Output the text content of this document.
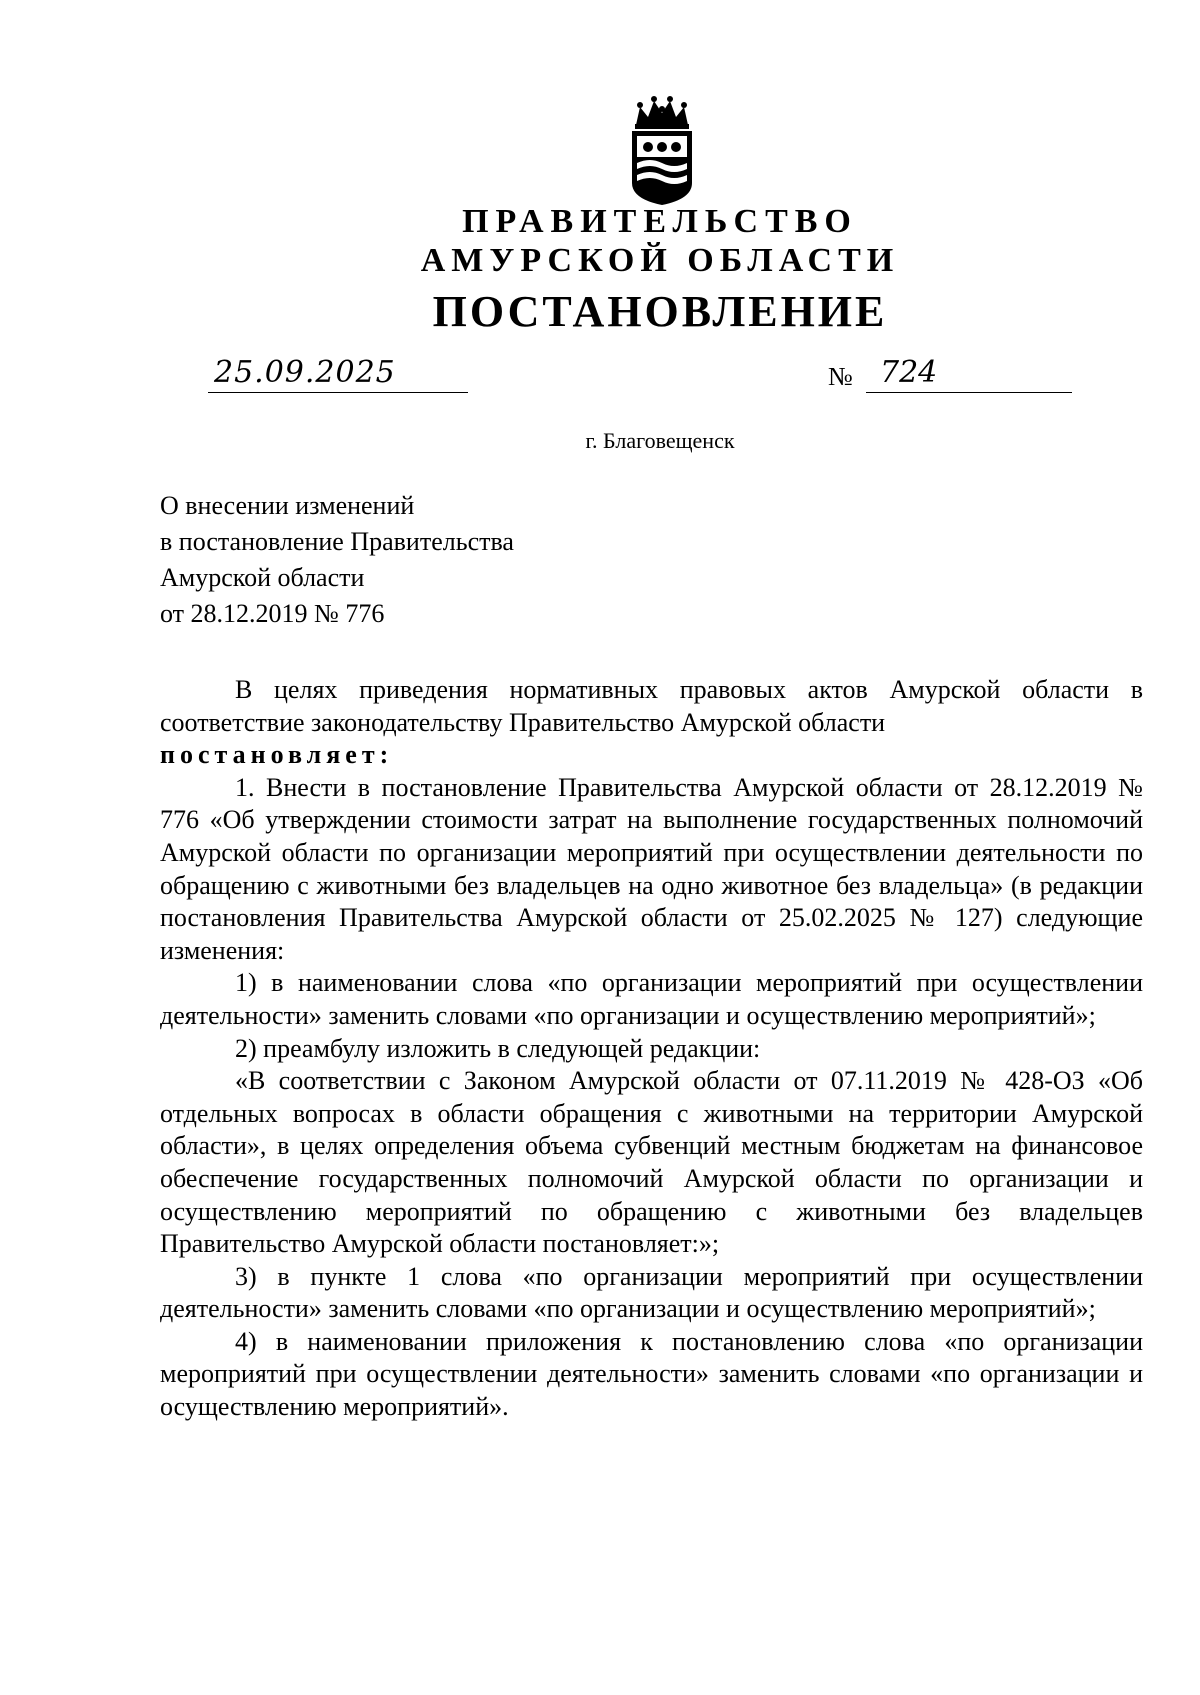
ПРАВИТЕЛЬСТВО
АМУРСКОЙ ОБЛАСТИ
ПОСТАНОВЛЕНИЕ
25.09.2025	№ 724
г. Благовещенск
О внесении изменений
в постановление Правительства
Амурской области
от 28.12.2019 № 776

В целях приведения нормативных правовых актов Амурской области в соответствие законодательству Правительство Амурской области

постановляет:

1. Внести в постановление Правительства Амурской области от 28.12.2019 № 776 «Об утверждении стоимости затрат на выполнение государственных полномочий Амурской области по организации мероприятий при осуществлении деятельности по обращению с животными без владельцев на одно животное без владельца» (в редакции постановления Правительства Амурской области от 25.02.2025 № 127) следующие изменения:

1) в наименовании слова «по организации мероприятий при осуществлении деятельности» заменить словами «по организации и осуществлению мероприятий»;

2) преамбулу изложить в следующей редакции:

«В соответствии с Законом Амурской области от 07.11.2019 № 428-ОЗ «Об отдельных вопросах в области обращения с животными на территории Амурской области», в целях определения объема субвенций местным бюджетам на финансовое обеспечение государственных полномочий Амурской области по организации и осуществлению мероприятий по обращению с животными без владельцев Правительство Амурской области постановляет:»;

3) в пункте 1 слова «по организации мероприятий при осуществлении деятельности» заменить словами «по организации и осуществлению мероприятий»;

4) в наименовании приложения к постановлению слова «по организации мероприятий при осуществлении деятельности» заменить словами «по организации и осуществлению мероприятий».
